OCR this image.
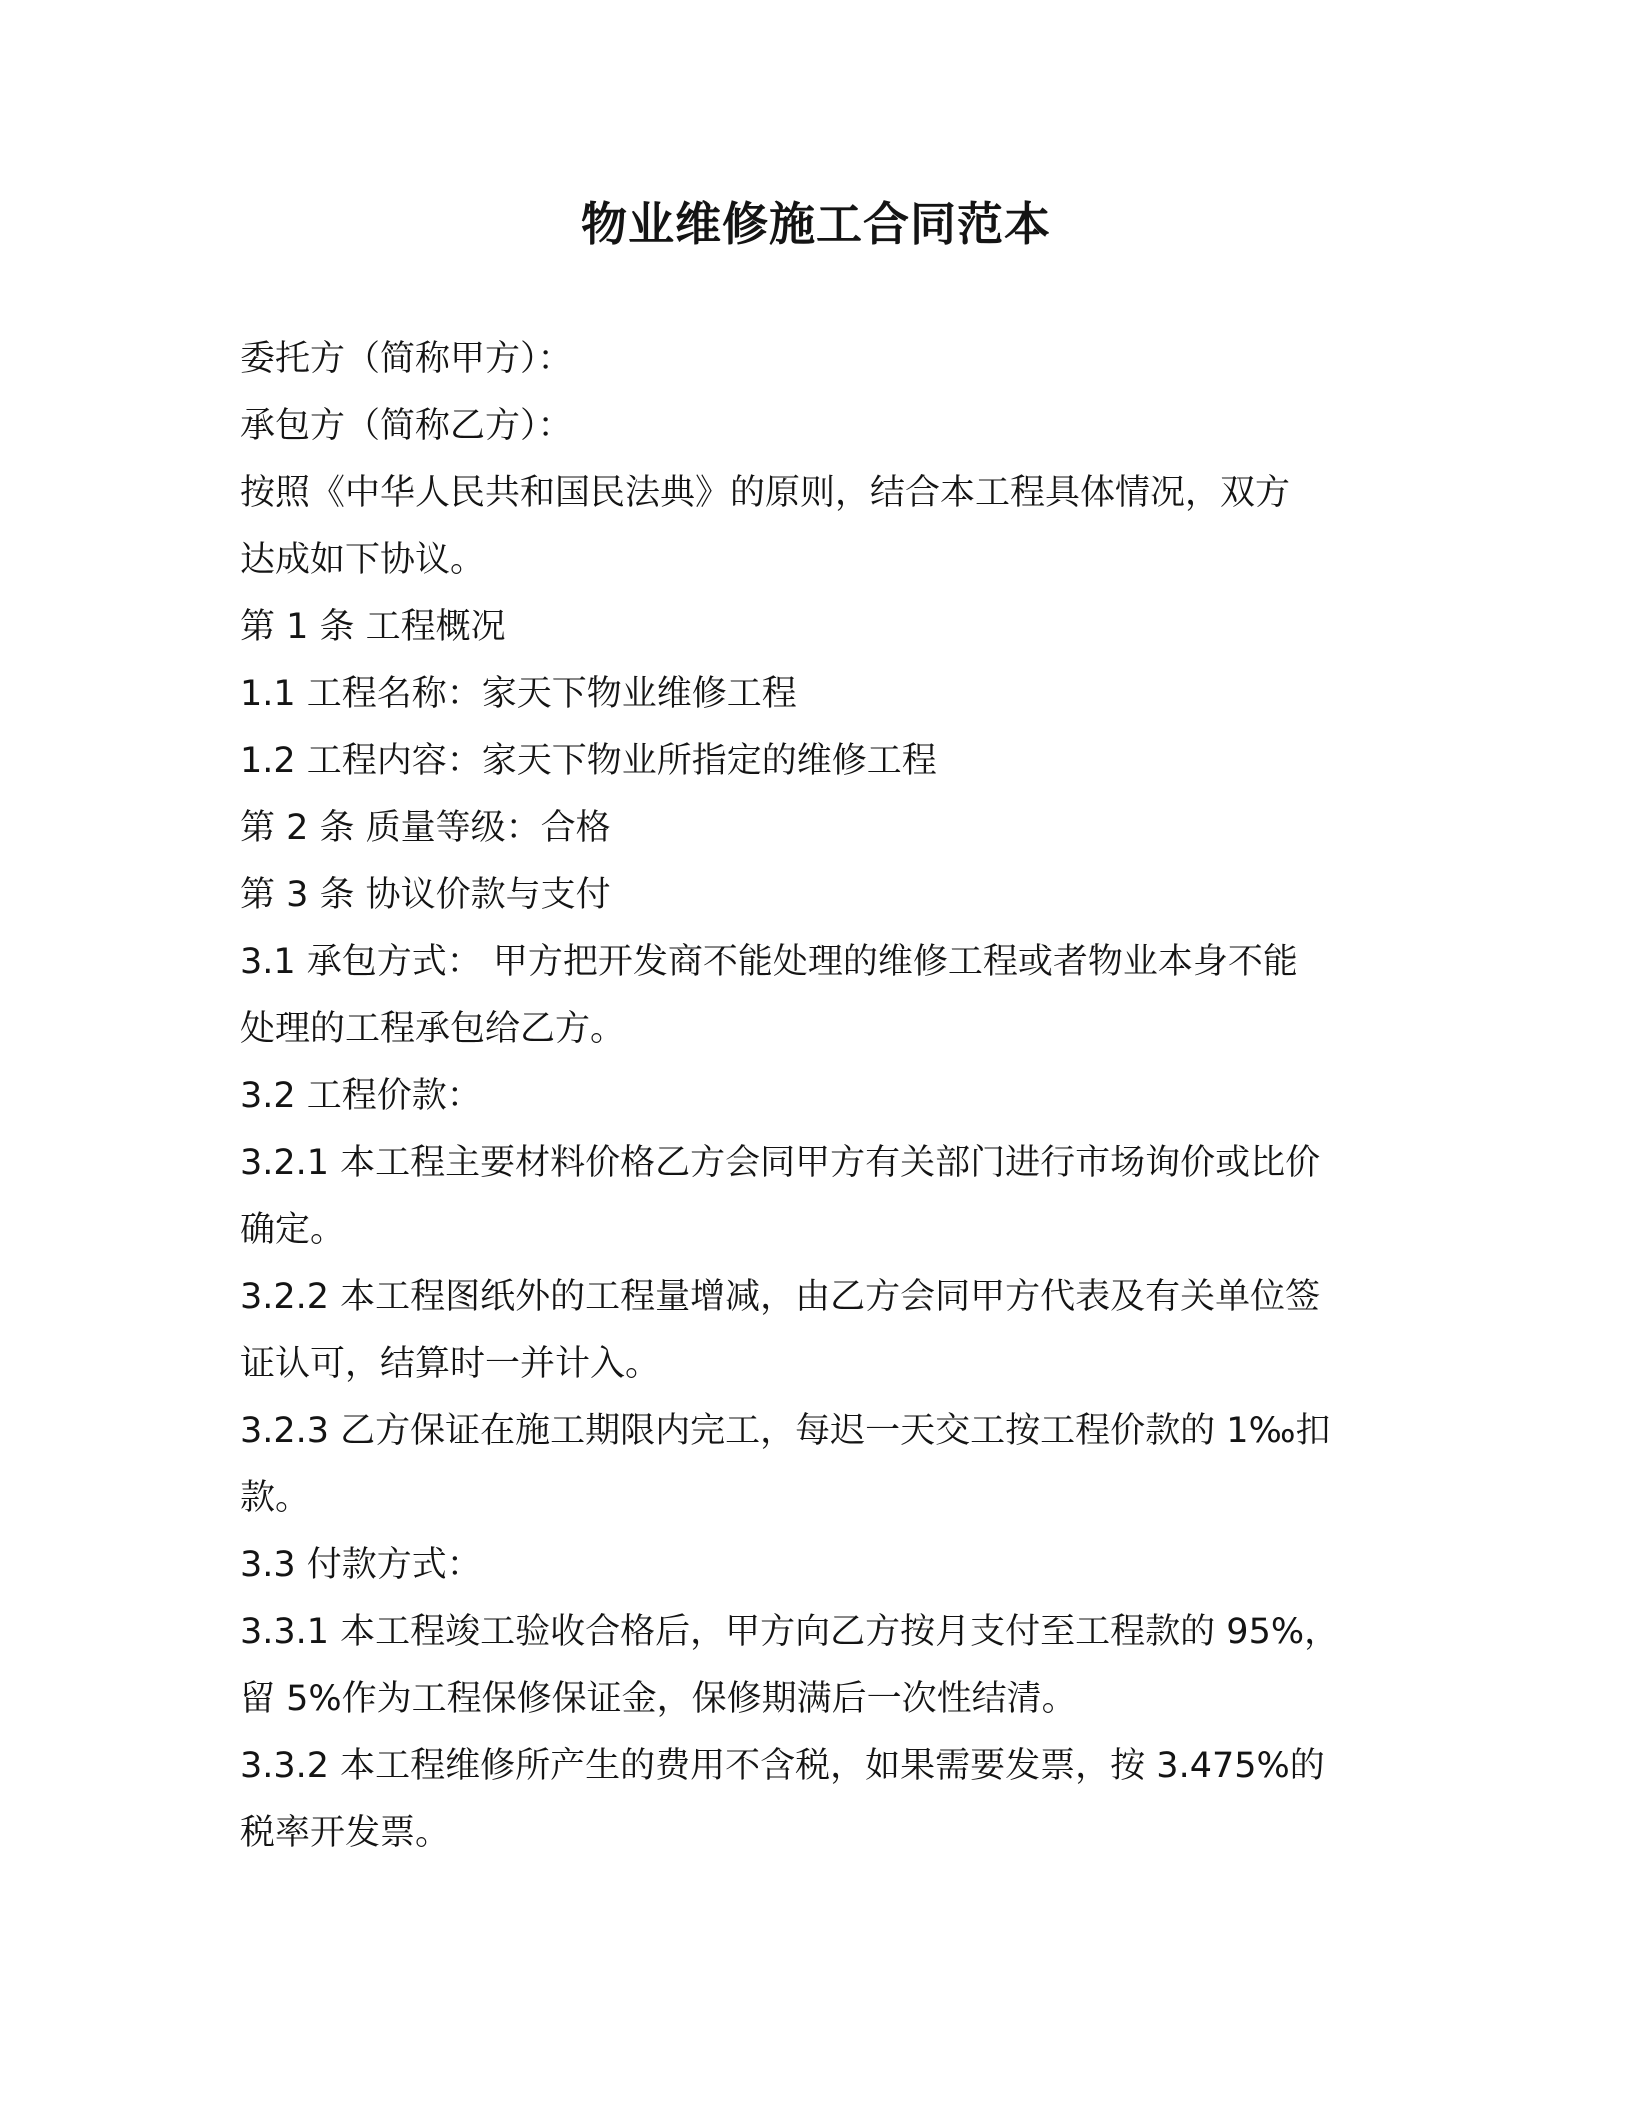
物业维修施工合同范本

委托方（简称甲方）：

承包方（简称乙方）：

按照《中华人民共和国民法典》的原则，结合本工程具体情况，双方

达成如下协议。

第 1 条 工程概况

1.1 工程名称：家天下物业维修工程

1.2 工程内容：家天下物业所指定的维修工程

第 2 条 质量等级：合格

第 3 条 协议价款与支付

3.1 承包方式： 甲方把开发商不能处理的维修工程或者物业本身不能

处理的工程承包给乙方。

3.2 工程价款：

3.2.1 本工程主要材料价格乙方会同甲方有关部门进行市场询价或比价

确定。

3.2.2 本工程图纸外的工程量增减，由乙方会同甲方代表及有关单位签

证认可，结算时一并计入。

3.2.3 乙方保证在施工期限内完工，每迟一天交工按工程价款的 1‰扣

款。

3.3 付款方式：

3.3.1 本工程竣工验收合格后，甲方向乙方按月支付至工程款的 95%，

留 5%作为工程保修保证金，保修期满后一次性结清。

3.3.2 本工程维修所产生的费用不含税，如果需要发票，按 3.475%的

税率开发票。
